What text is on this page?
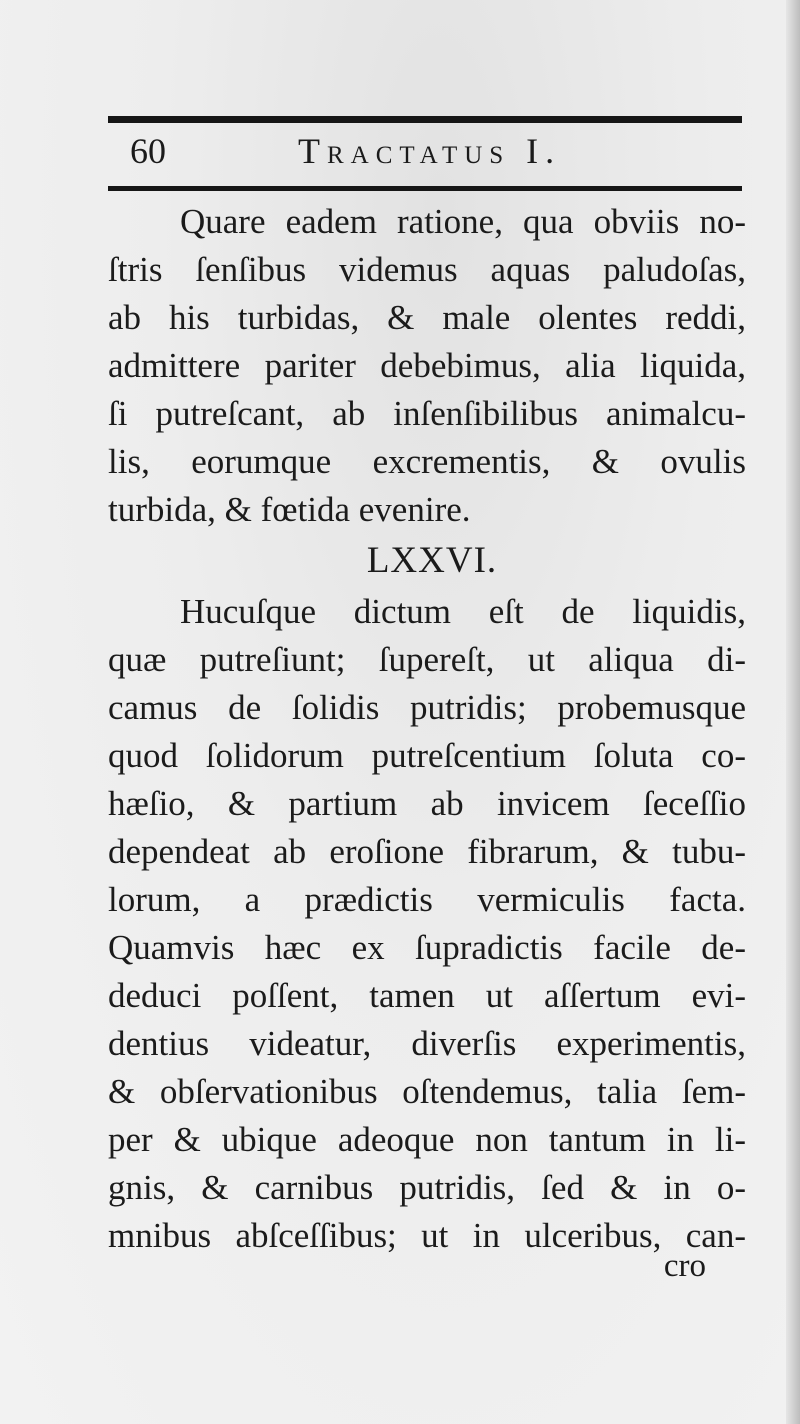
60	Tractatus I.
Quare eadem ratione, qua obviis no-
ſtris ſenſibus videmus aquas paludoſas,
ab his turbidas, & male olentes reddi,
admittere pariter debebimus, alia liquida,
ſi putreſcant, ab inſenſibilibus animalcu-
lis, eorumque excrementis, & ovulis
turbida, & fœtida evenire.
LXXVI.
Hucuſque dictum eſt de liquidis,
quæ putreſiunt; ſupereſt, ut aliqua di-
camus de ſolidis putridis; probemusque
quod ſolidorum putreſcentium ſoluta co-
hæſio, & partium ab invicem ſeceſſio
dependeat ab eroſione fibrarum, & tubu-
lorum, a prædictis vermiculis facta.
Quamvis hæc ex ſupradictis facile de-
deduci poſſent, tamen ut aſſertum evi-
dentius videatur, diverſis experimentis,
& obſervationibus oſtendemus, talia ſem-
per & ubique adeoque non tantum in li-
gnis, & carnibus putridis, ſed & in o-
mnibus abſceſſibus; ut in ulceribus, can-
cro
